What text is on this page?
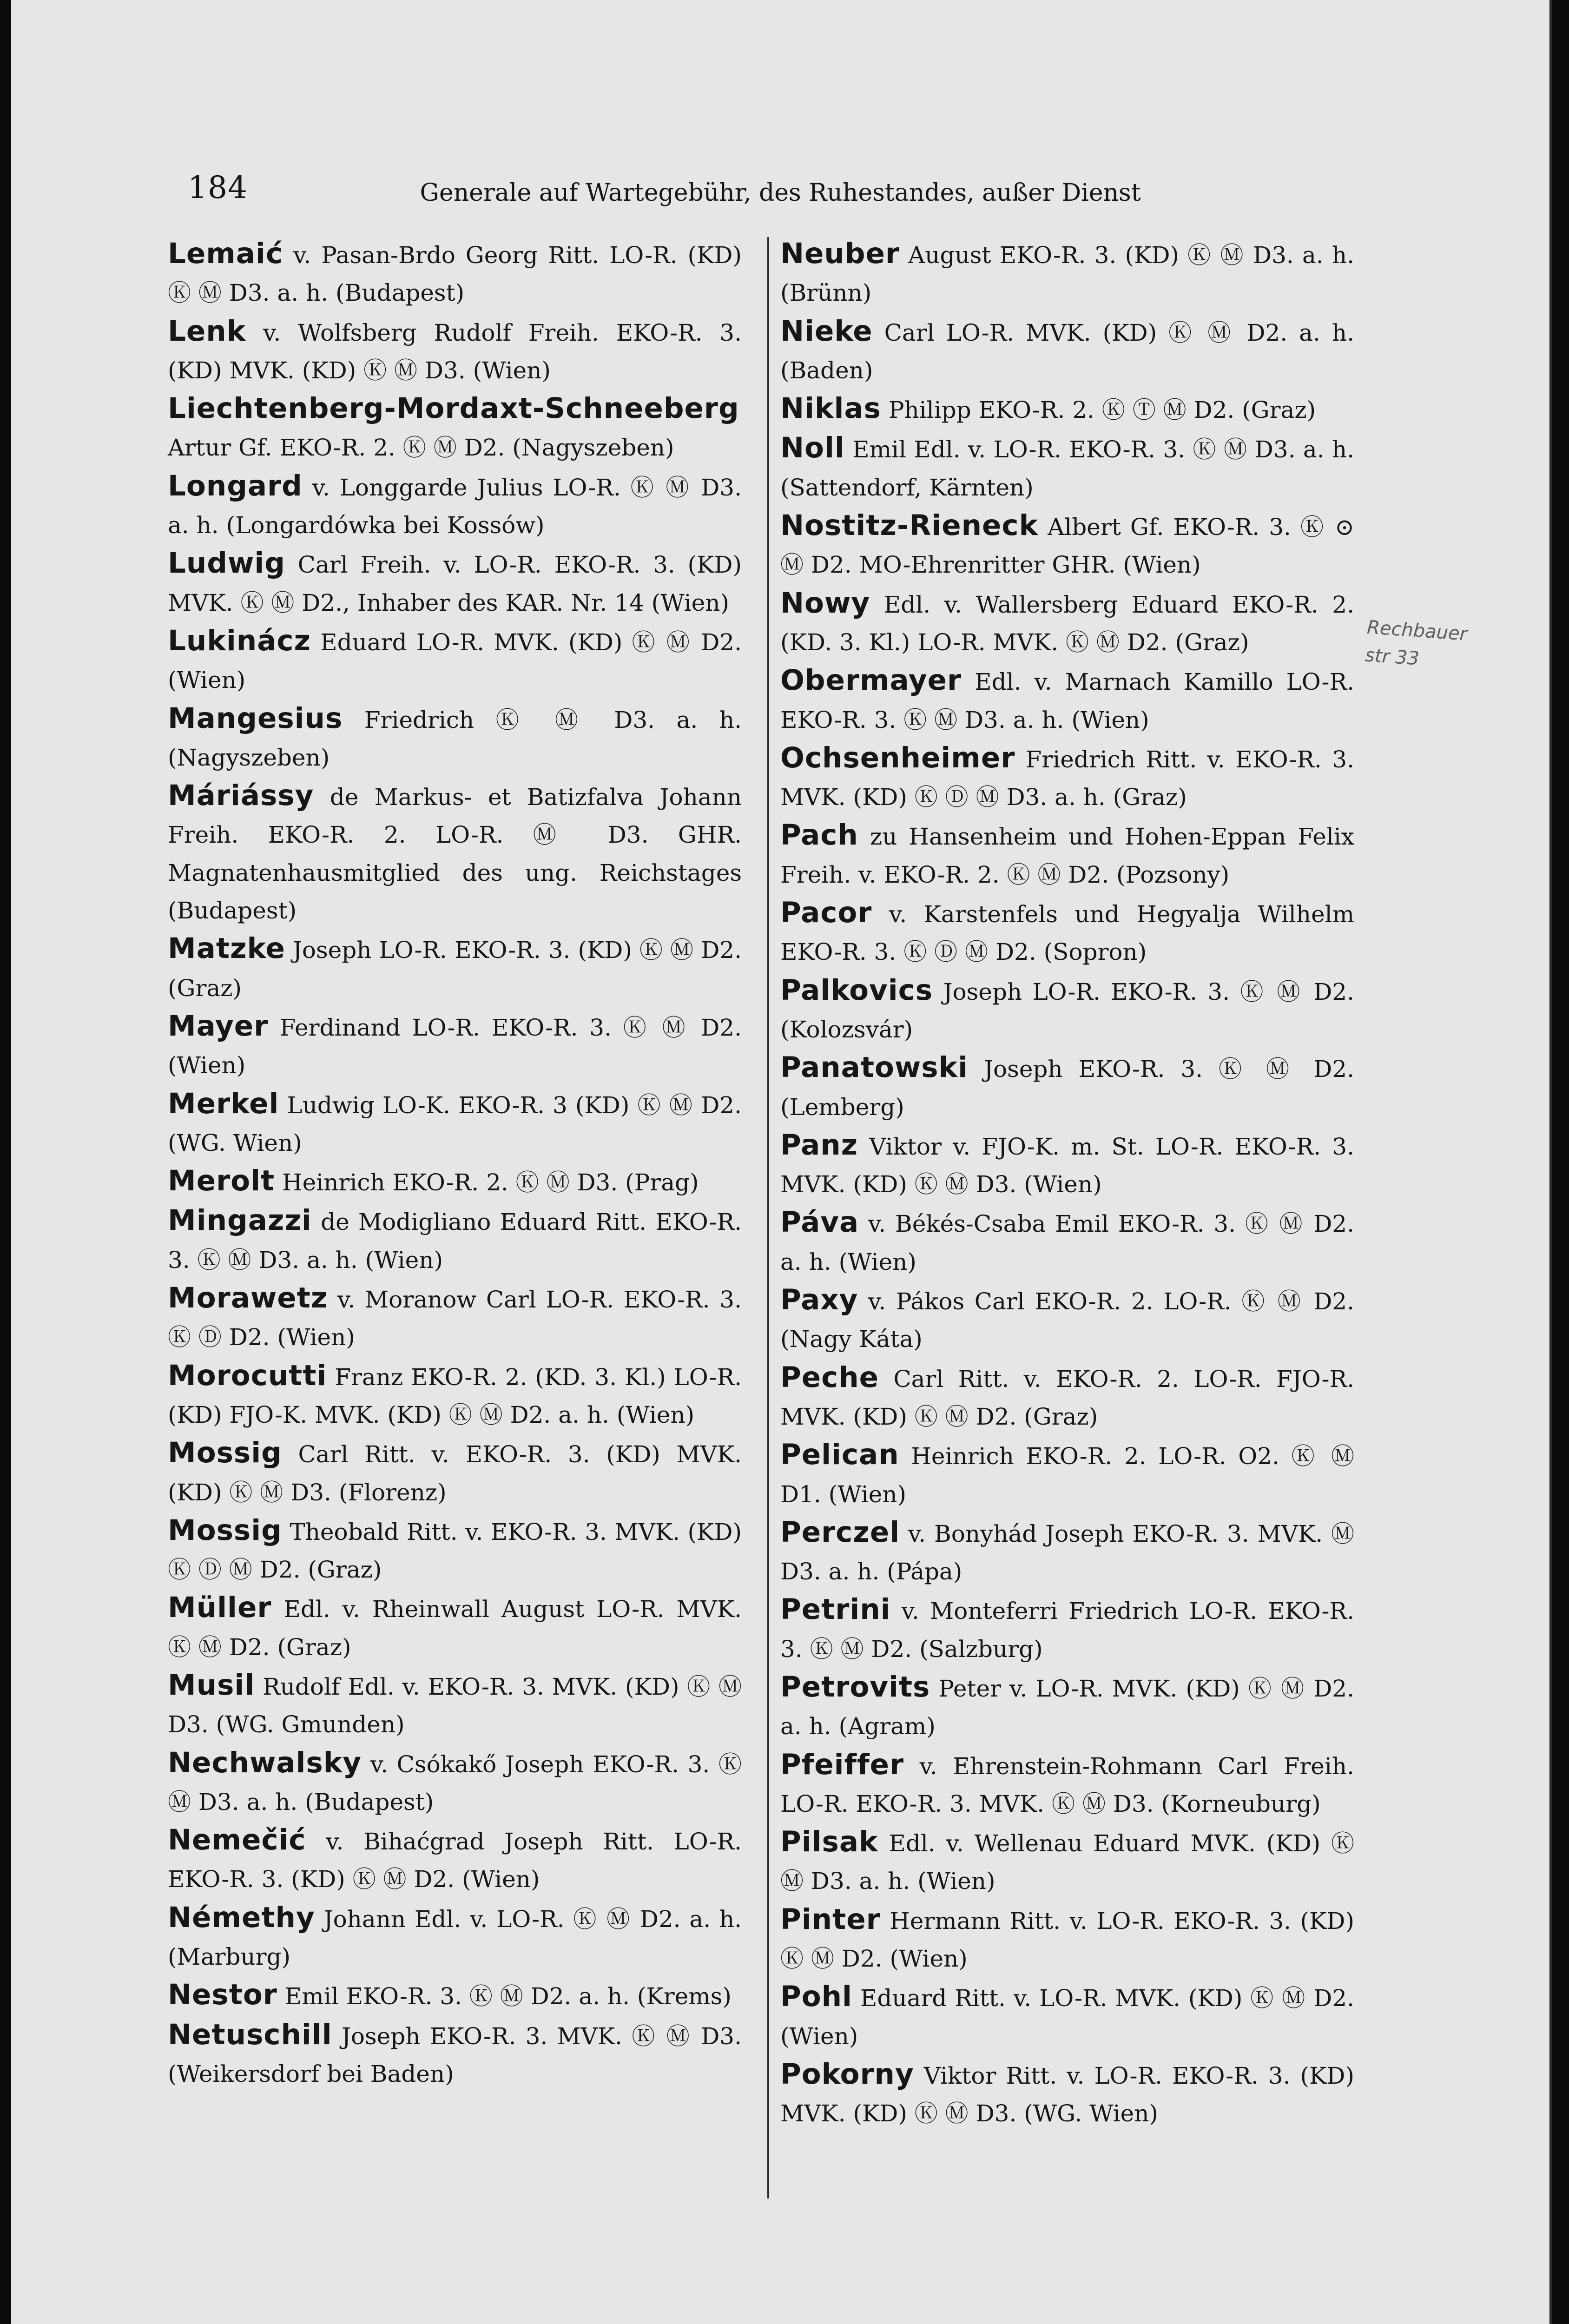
184	Generale auf Wartegebühr, des Ruhestandes, außer Dienst
Lemaić v. Pasan-Brdo Georg Ritt. LO-R. (KD) Ⓚ Ⓜ D3. a. h. (Budapest)
Lenk v. Wolfsberg Rudolf Freih. EKO-R. 3. (KD) MVK. (KD) Ⓚ Ⓜ D3. (Wien)
Liechtenberg-Mordaxt-Schneeberg Artur Gf. EKO-R. 2. Ⓚ Ⓜ D2. (Nagyszeben)
Longard v. Longgarde Julius LO-R. Ⓚ Ⓜ D3. a. h. (Longardówka bei Kossów)
Ludwig Carl Freih. v. LO-R. EKO-R. 3. (KD) MVK. Ⓚ Ⓜ D2., Inhaber des KAR. Nr. 14 (Wien)
Lukinácz Eduard LO-R. MVK. (KD) Ⓚ Ⓜ D2. (Wien)
Mangesius Friedrich Ⓚ Ⓜ D3. a. h. (Nagyszeben)
Máriássy de Markus- et Batizfalva Johann Freih. EKO-R. 2. LO-R. Ⓜ D3. GHR. Magnatenhausmitglied des ung. Reichstages (Budapest)
Matzke Joseph LO-R. EKO-R. 3. (KD) Ⓚ Ⓜ D2. (Graz)
Mayer Ferdinand LO-R. EKO-R. 3. Ⓚ Ⓜ D2. (Wien)
Merkel Ludwig LO-K. EKO-R. 3 (KD) Ⓚ Ⓜ D2. (WG. Wien)
Merolt Heinrich EKO-R. 2. Ⓚ Ⓜ D3. (Prag)
Mingazzi de Modigliano Eduard Ritt. EKO-R. 3. Ⓚ Ⓜ D3. a. h. (Wien)
Morawetz v. Moranow Carl LO-R. EKO-R. 3. Ⓚ Ⓓ D2. (Wien)
Morocutti Franz EKO-R. 2. (KD. 3. Kl.) LO-R. (KD) FJO-K. MVK. (KD) Ⓚ Ⓜ D2. a. h. (Wien)
Mossig Carl Ritt. v. EKO-R. 3. (KD) MVK. (KD) Ⓚ Ⓜ D3. (Florenz)
Mossig Theobald Ritt. v. EKO-R. 3. MVK. (KD) Ⓚ Ⓓ Ⓜ D2. (Graz)
Müller Edl. v. Rheinwall August LO-R. MVK. Ⓚ Ⓜ D2. (Graz)
Musil Rudolf Edl. v. EKO-R. 3. MVK. (KD) Ⓚ Ⓜ D3. (WG. Gmunden)
Nechwalsky v. Csókakő Joseph EKO-R. 3. Ⓚ Ⓜ D3. a. h. (Budapest)
Nemečić v. Bihaćgrad Joseph Ritt. LO-R. EKO-R. 3. (KD) Ⓚ Ⓜ D2. (Wien)
Némethy Johann Edl. v. LO-R. Ⓚ Ⓜ D2. a. h. (Marburg)
Nestor Emil EKO-R. 3. Ⓚ Ⓜ D2. a. h. (Krems)
Netuschill Joseph EKO-R. 3. MVK. Ⓚ Ⓜ D3. (Weikersdorf bei Baden)
Neuber August EKO-R. 3. (KD) Ⓚ Ⓜ D3. a. h. (Brünn)
Nieke Carl LO-R. MVK. (KD) Ⓚ Ⓜ D2. a. h. (Baden)
Niklas Philipp EKO-R. 2. Ⓚ Ⓣ Ⓜ D2. (Graz)
Noll Emil Edl. v. LO-R. EKO-R. 3. Ⓚ Ⓜ D3. a. h. (Sattendorf, Kärnten)
Nostitz-Rieneck Albert Gf. EKO-R. 3. Ⓚ ⊙ Ⓜ D2. MO-Ehrenritter GHR. (Wien)
Nowy Edl. v. Wallersberg Eduard EKO-R. 2. (KD. 3. Kl.) LO-R. MVK. Ⓚ Ⓜ D2. (Graz)
Obermayer Edl. v. Marnach Kamillo LO-R. EKO-R. 3. Ⓚ Ⓜ D3. a. h. (Wien)
Ochsenheimer Friedrich Ritt. v. EKO-R. 3. MVK. (KD) Ⓚ Ⓓ Ⓜ D3. a. h. (Graz)
Pach zu Hansenheim und Hohen-Eppan Felix Freih. v. EKO-R. 2. Ⓚ Ⓜ D2. (Pozsony)
Pacor v. Karstenfels und Hegyalja Wilhelm EKO-R. 3. Ⓚ Ⓓ Ⓜ D2. (Sopron)
Palkovics Joseph LO-R. EKO-R. 3. Ⓚ Ⓜ D2. (Kolozsvár)
Panatowski Joseph EKO-R. 3. Ⓚ Ⓜ D2. (Lemberg)
Panz Viktor v. FJO-K. m. St. LO-R. EKO-R. 3. MVK. (KD) Ⓚ Ⓜ D3. (Wien)
Páva v. Békés-Csaba Emil EKO-R. 3. Ⓚ Ⓜ D2. a. h. (Wien)
Paxy v. Pákos Carl EKO-R. 2. LO-R. Ⓚ Ⓜ D2. (Nagy Káta)
Peche Carl Ritt. v. EKO-R. 2. LO-R. FJO-R. MVK. (KD) Ⓚ Ⓜ D2. (Graz)
Pelican Heinrich EKO-R. 2. LO-R. O2. Ⓚ Ⓜ D1. (Wien)
Perczel v. Bonyhád Joseph EKO-R. 3. MVK. Ⓜ D3. a. h. (Pápa)
Petrini v. Monteferri Friedrich LO-R. EKO-R. 3. Ⓚ Ⓜ D2. (Salzburg)
Petrovits Peter v. LO-R. MVK. (KD) Ⓚ Ⓜ D2. a. h. (Agram)
Pfeiffer v. Ehrenstein-Rohmann Carl Freih. LO-R. EKO-R. 3. MVK. Ⓚ Ⓜ D3. (Korneuburg)
Pilsak Edl. v. Wellenau Eduard MVK. (KD) Ⓚ Ⓜ D3. a. h. (Wien)
Pinter Hermann Ritt. v. LO-R. EKO-R. 3. (KD) Ⓚ Ⓜ D2. (Wien)
Pohl Eduard Ritt. v. LO-R. MVK. (KD) Ⓚ Ⓜ D2. (Wien)
Pokorny Viktor Ritt. v. LO-R. EKO-R. 3. (KD) MVK. (KD) Ⓚ Ⓜ D3. (WG. Wien)
Rechbauer
str 33
